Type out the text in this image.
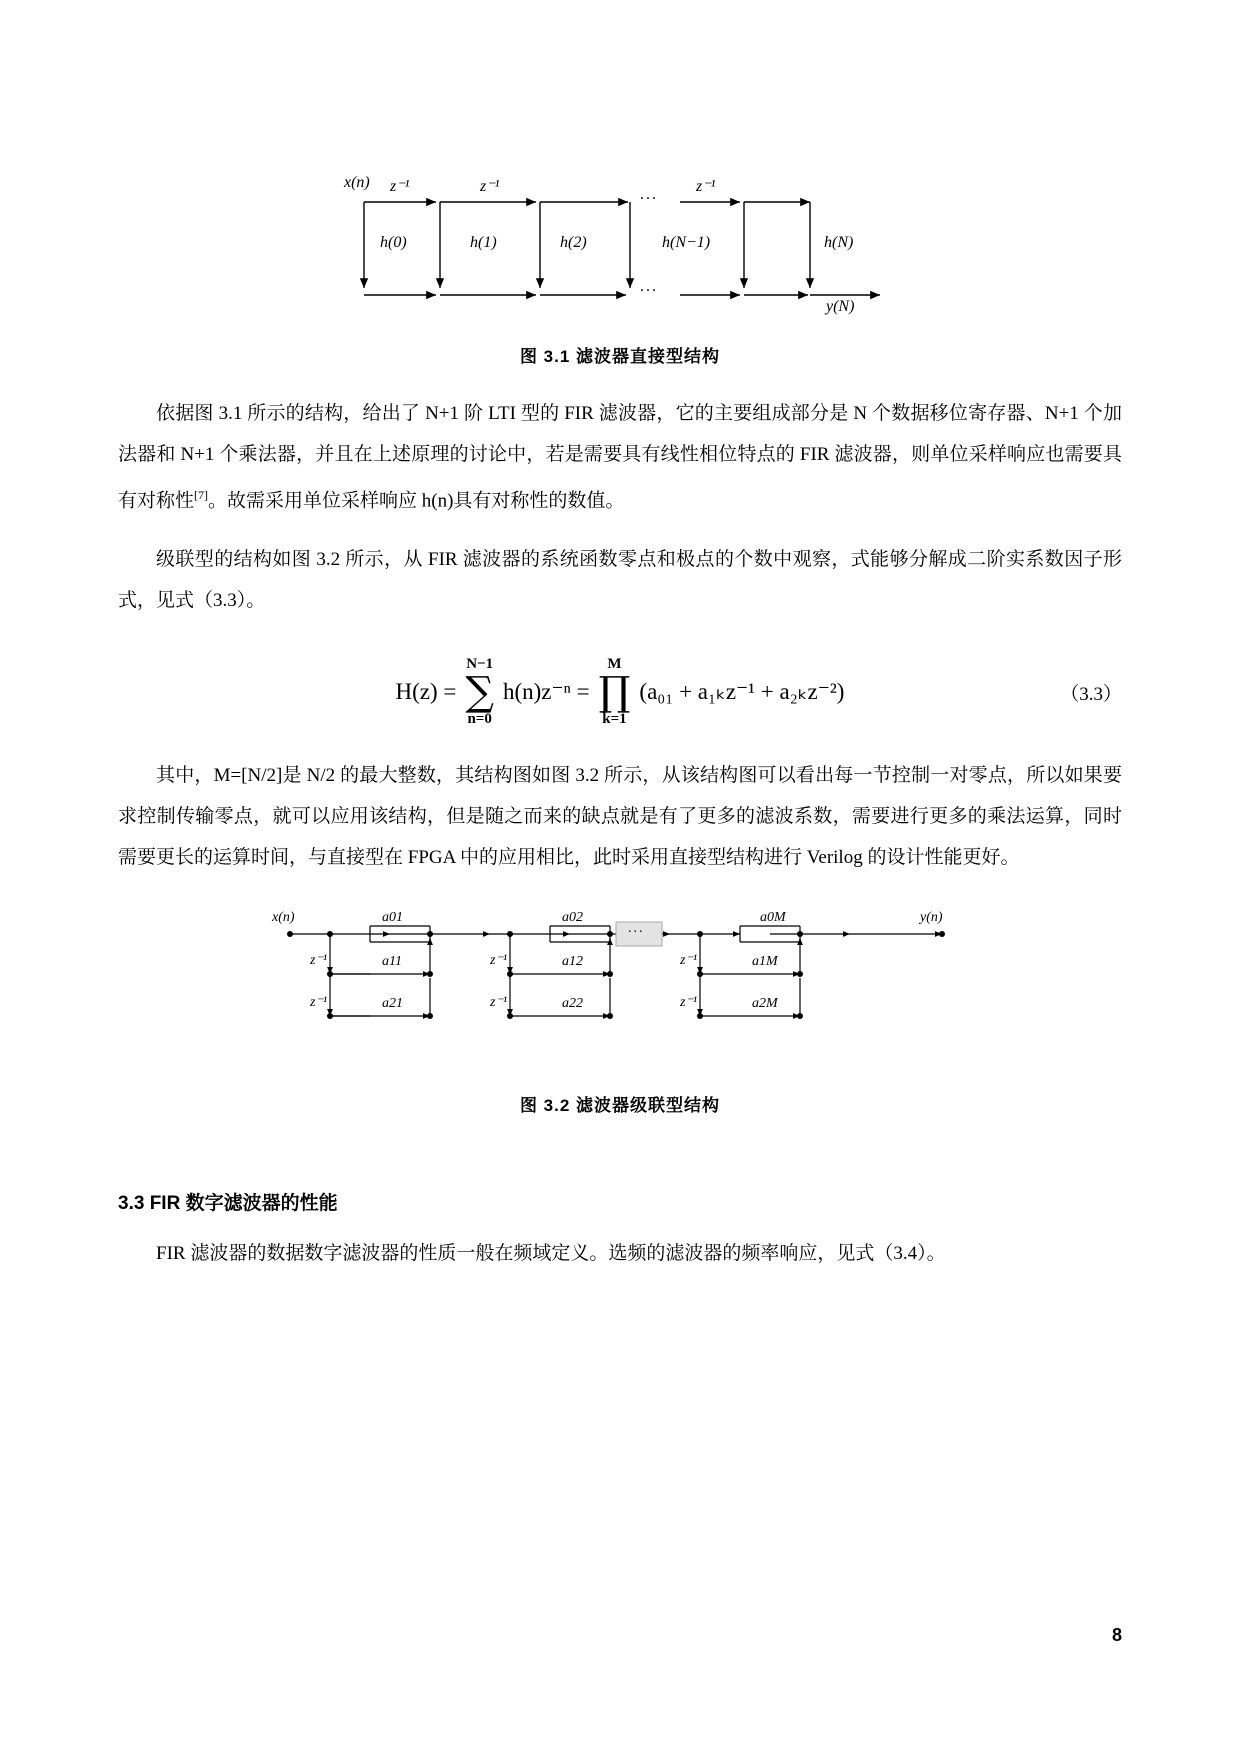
x(n) z⁻¹	z⁻¹	z⁻¹
...
...
h(0)	h(1)	h(2)	h(N−1)	h(N)
y(N)
图 3.1 滤波器直接型结构

依据图 3.1 所示的结构，给出了 N+1 阶 LTI 型的 FIR 滤波器，它的主要组成部分是 N 个数据移位寄存器、N+1 个加法器和 N+1 个乘法器，并且在上述原理的讨论中，若是需要具有线性相位特点的 FIR 滤波器，则单位采样响应也需要具有对称性[7]。故需采用单位采样响应 h(n)具有对称性的数值。

级联型的结构如图 3.2 所示，从 FIR 滤波器的系统函数零点和极点的个数中观察，式能够分解成二阶实系数因子形式，见式（3.3）。

H(z) =
N−1
∑
n=0
h(n)z⁻ⁿ =
M
∏
k=1
(a₀₁ + a₁ₖz⁻¹ + a₂ₖz⁻²)	（3.3）

其中，M=[N/2]是 N/2 的最大整数，其结构图如图 3.2 所示，从该结构图可以看出每一节控制一对零点，所以如果要求控制传输零点，就可以应用该结构，但是随之而来的缺点就是有了更多的滤波系数，需要进行更多的乘法运算，同时需要更长的运算时间，与直接型在 FPGA 中的应用相比，此时采用直接型结构进行 Verilog 的设计性能更好。

x(n)	y(n)
a01	a02	a0M
a11	a12	a1M
a21	a22	a2M
z⁻¹
z⁻¹
z⁻¹
z⁻¹
z⁻¹
z⁻¹
...
图 3.2 滤波器级联型结构
3.3 FIR 数字滤波器的性能

FIR 滤波器的数据数字滤波器的性质一般在频域定义。选频的滤波器的频率响应，见式（3.4）。

8
